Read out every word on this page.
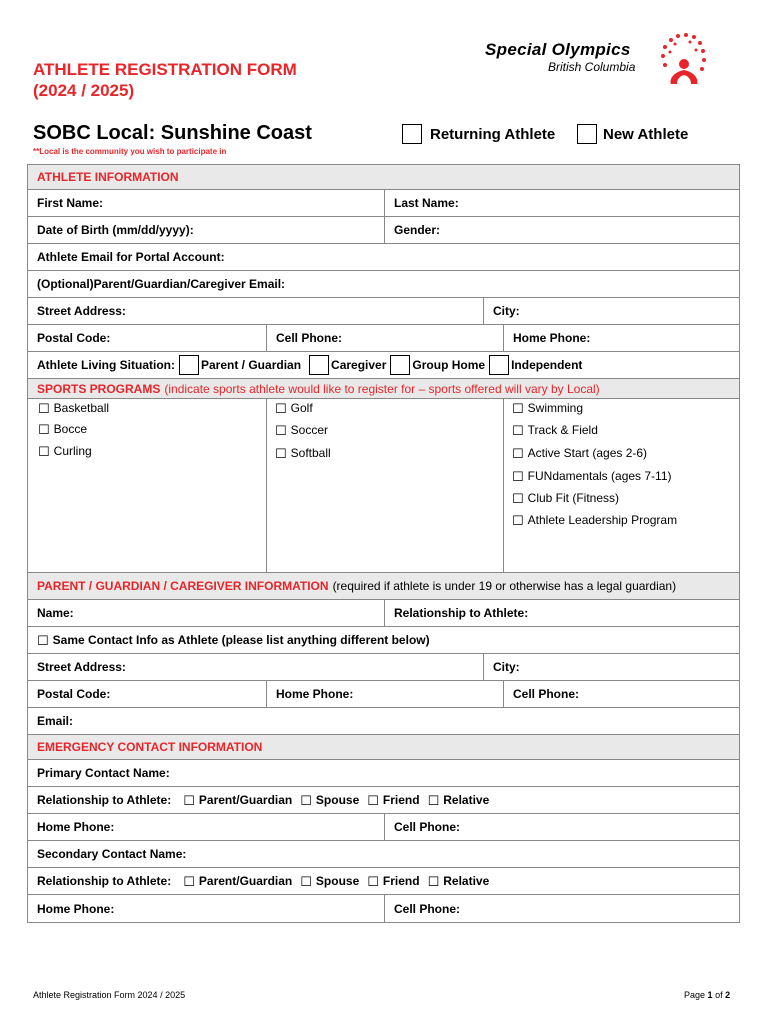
ATHLETE REGISTRATION FORM
(2024 / 2025)
Special Olympics
British Columbia
SOBC Local: Sunshine Coast
**Local is the community you wish to participate in
Returning Athlete	New Athlete
ATHLETE INFORMATION
First Name:	Last Name:
Date of Birth (mm/dd/yyyy):	Gender:
Athlete Email for Portal Account:
(Optional)Parent/Guardian/Caregiver Email:
Street Address:	City:
Postal Code:	Cell Phone:	Home Phone:
Athlete Living Situation: Parent / Guardian	Caregiver Group Home Independent
SPORTS PROGRAMS (indicate sports athlete would like to register for – sports offered will vary by Local)
☐ Basketball
☐ Bocce
☐ Curling
☐ Golf
☐ Soccer
☐ Softball
☐ Swimming
☐ Track & Field
☐ Active Start (ages 2-6)
☐ FUNdamentals (ages 7-11)
☐ Club Fit (Fitness)
☐ Athlete Leadership Program
PARENT / GUARDIAN / CAREGIVER INFORMATION (required if athlete is under 19 or otherwise has a legal guardian)
Name:	Relationship to Athlete:
☐ Same Contact Info as Athlete (please list anything different below)
Street Address:	City:
Postal Code:	Home Phone:	Cell Phone:
Email:
EMERGENCY CONTACT INFORMATION
Primary Contact Name:
Relationship to Athlete: ☐ Parent/Guardian ☐ Spouse ☐ Friend ☐ Relative
Home Phone:	Cell Phone:
Secondary Contact Name:
Relationship to Athlete: ☐ Parent/Guardian ☐ Spouse ☐ Friend ☐ Relative
Home Phone:	Cell Phone:
Athlete Registration Form 2024 / 2025	Page 1 of 2
